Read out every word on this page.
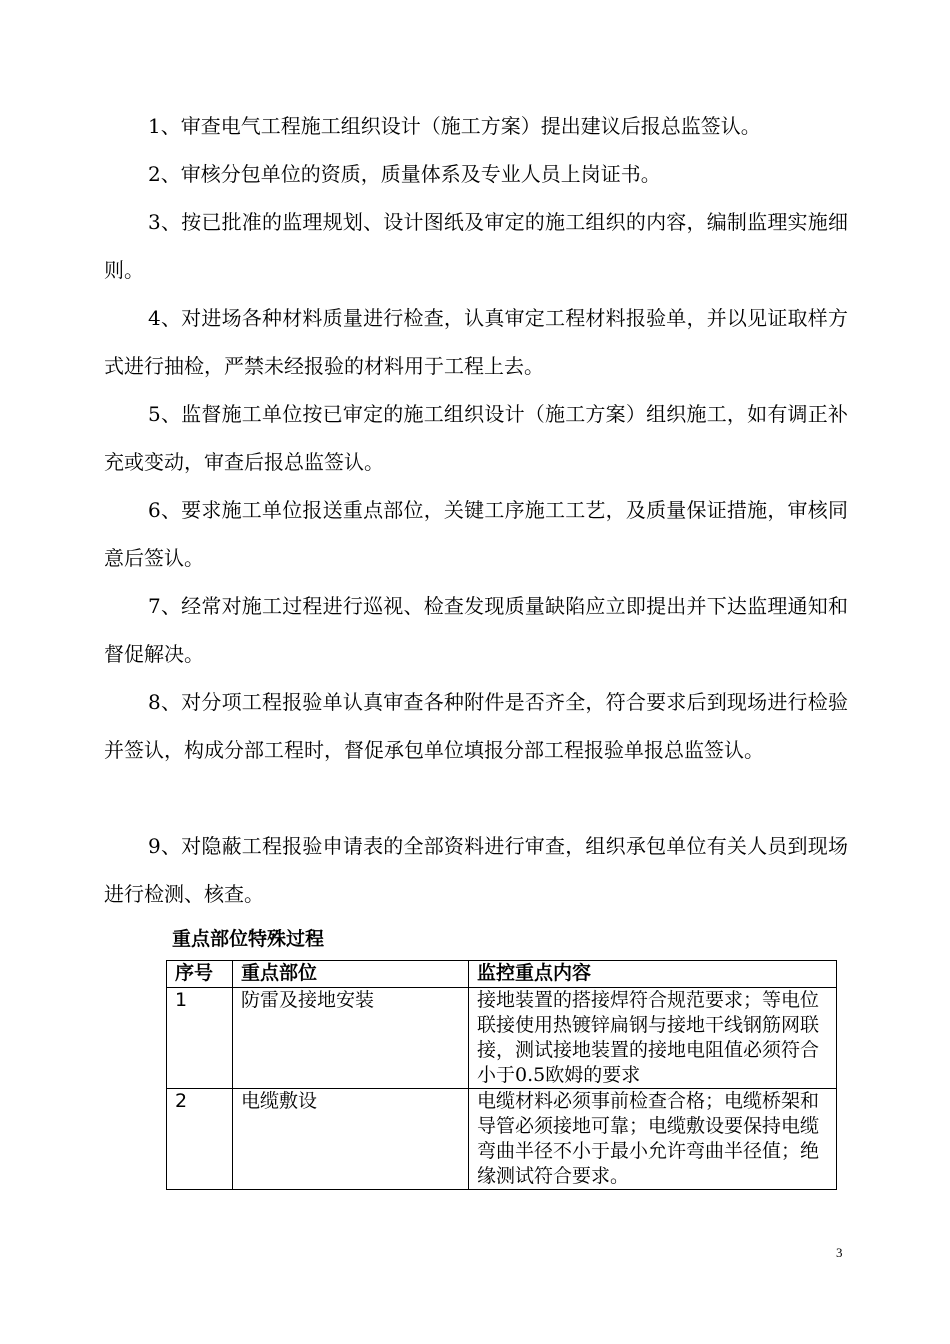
1、审查电气工程施工组织设计（施工方案）提出建议后报总监签认。

2、审核分包单位的资质，质量体系及专业人员上岗证书。

3、按已批准的监理规划、设计图纸及审定的施工组织的内容，编制监理实施细则。

4、对进场各种材料质量进行检查，认真审定工程材料报验单，并以见证取样方式进行抽检，严禁未经报验的材料用于工程上去。

5、监督施工单位按已审定的施工组织设计（施工方案）组织施工，如有调正补充或变动，审查后报总监签认。

6、要求施工单位报送重点部位，关键工序施工工艺，及质量保证措施，审核同意后签认。

7、经常对施工过程进行巡视、检查发现质量缺陷应立即提出并下达监理通知和督促解决。

8、对分项工程报验单认真审查各种附件是否齐全，符合要求后到现场进行检验并签认，构成分部工程时，督促承包单位填报分部工程报验单报总监签认。

9、对隐蔽工程报验申请表的全部资料进行审查，组织承包单位有关人员到现场进行检测、核查。

重点部位特殊过程

序号	重点部位	监控重点内容
1	防雷及接地安装	接地装置的搭接焊符合规范要求；等电位联接使用热镀锌扁钢与接地干线钢筋网联接，测试接地装置的接地电阻值必须符合小于0.5欧姆的要求
2	电缆敷设	电缆材料必须事前检查合格；电缆桥架和导管必须接地可靠；电缆敷设要保持电缆弯曲半径不小于最小允许弯曲半径值；绝缘测试符合要求。
3
